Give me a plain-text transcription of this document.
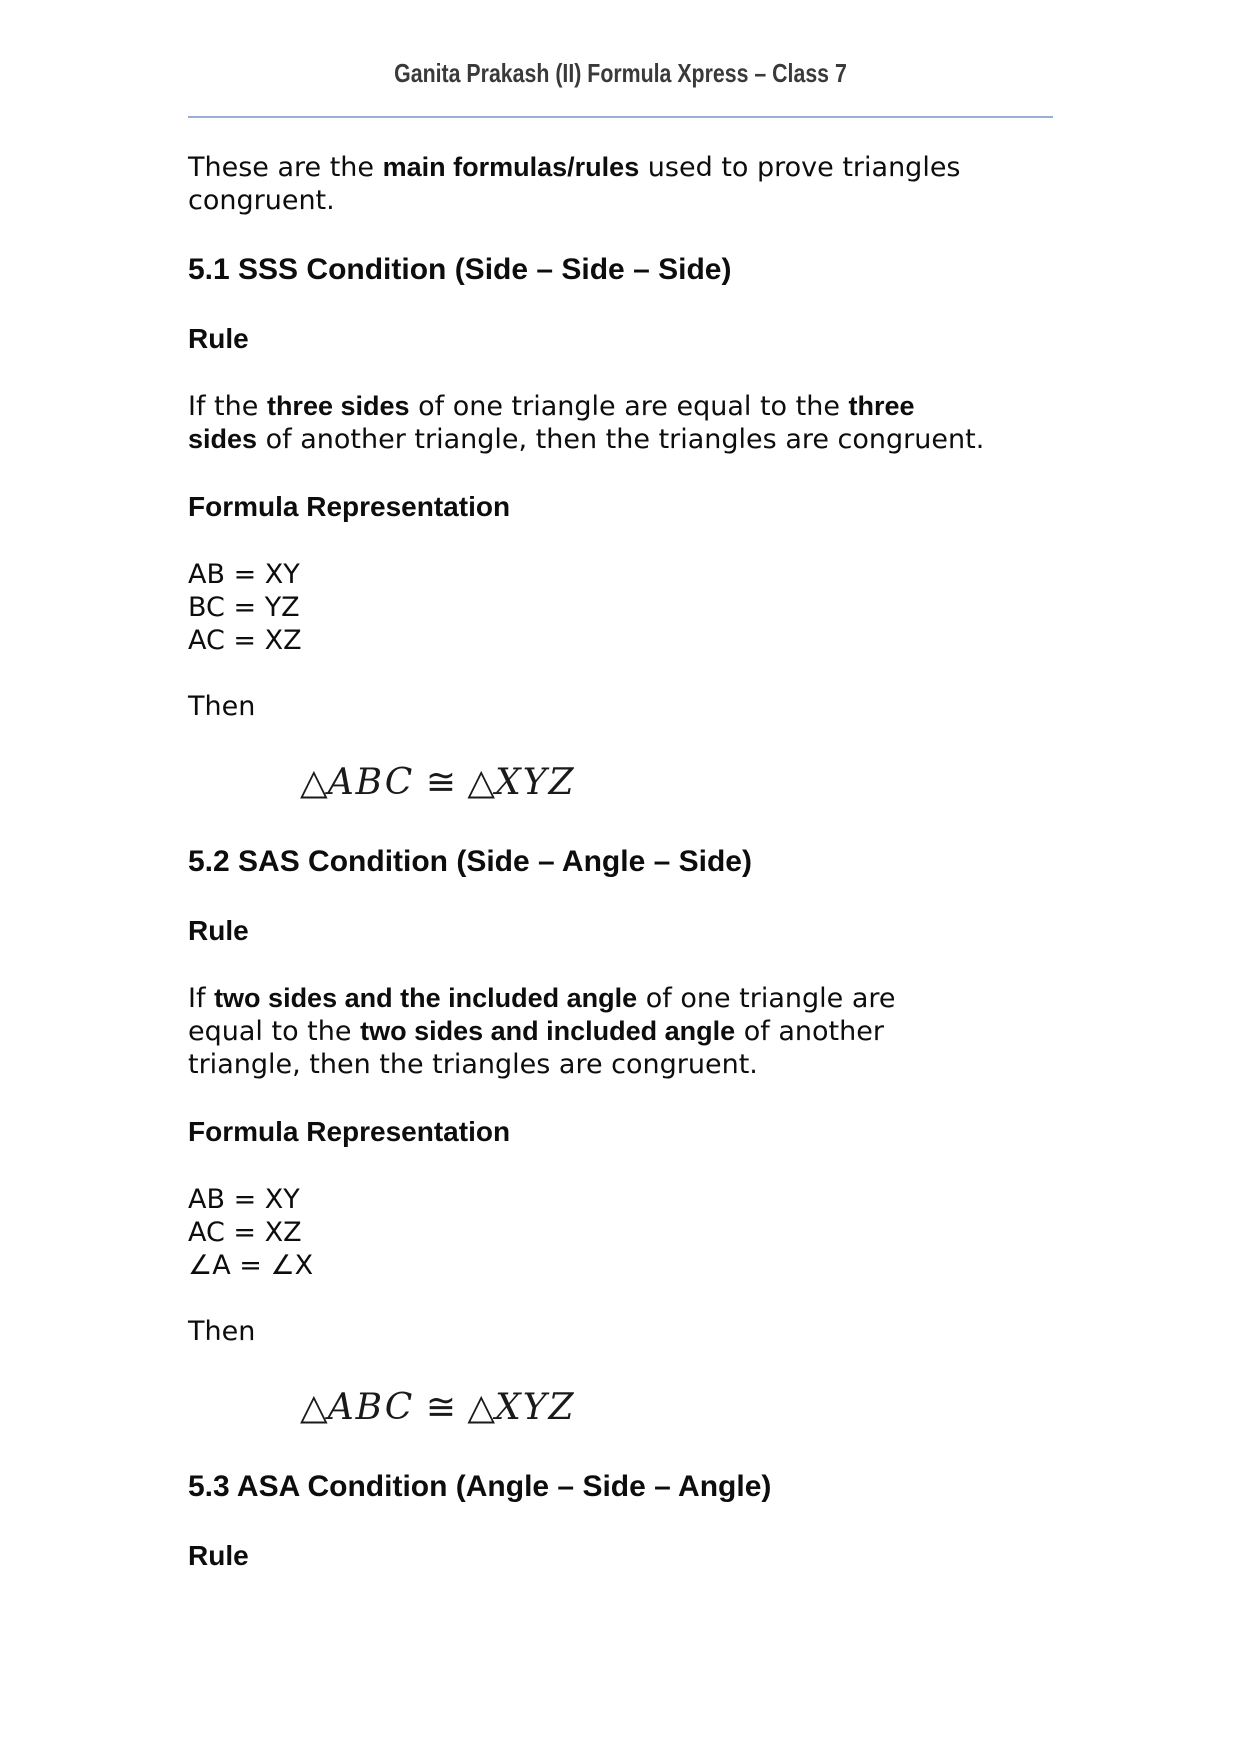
Ganita Prakash (II) Formula Xpress – Class 7
These are the main formulas/rules used to prove triangles
congruent.
5.1 SSS Condition (Side – Side – Side)
Rule
If the three sides of one triangle are equal to the three
sides of another triangle, then the triangles are congruent.
Formula Representation
AB = XY
BC = YZ
AC = XZ
Then
△ABC ≅ △XYZ
5.2 SAS Condition (Side – Angle – Side)
Rule
If two sides and the included angle of one triangle are
equal to the two sides and included angle of another
triangle, then the triangles are congruent.
Formula Representation
AB = XY
AC = XZ
∠A = ∠X
Then
△ABC ≅ △XYZ
5.3 ASA Condition (Angle – Side – Angle)
Rule
